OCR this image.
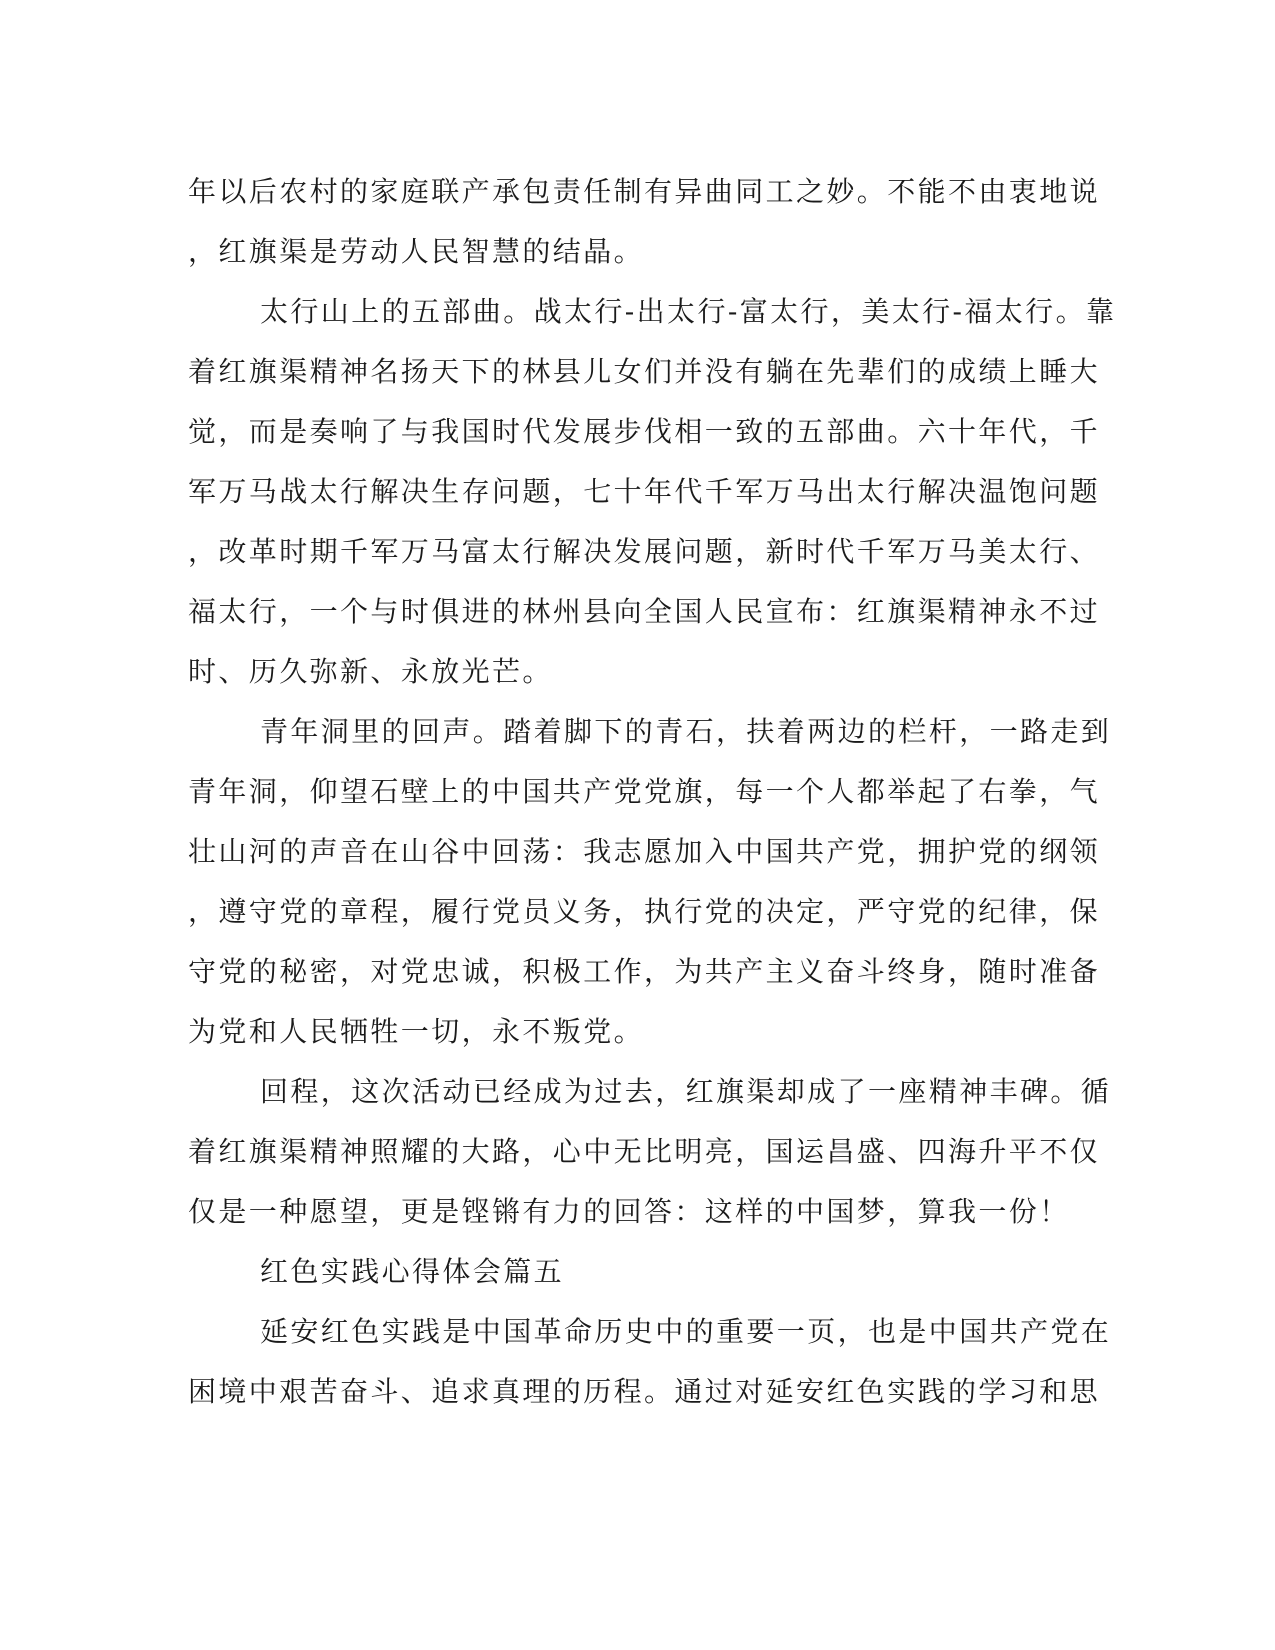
年以后农村的家庭联产承包责任制有异曲同工之妙。不能不由衷地说
，红旗渠是劳动人民智慧的结晶。
太行山上的五部曲。战太行-出太行-富太行，美太行-福太行。靠
着红旗渠精神名扬天下的林县儿女们并没有躺在先辈们的成绩上睡大
觉，而是奏响了与我国时代发展步伐相一致的五部曲。六十年代，千
军万马战太行解决生存问题，七十年代千军万马出太行解决温饱问题
，改革时期千军万马富太行解决发展问题，新时代千军万马美太行、
福太行，一个与时俱进的林州县向全国人民宣布：红旗渠精神永不过
时、历久弥新、永放光芒。
青年洞里的回声。踏着脚下的青石，扶着两边的栏杆，一路走到
青年洞，仰望石壁上的中国共产党党旗，每一个人都举起了右拳，气
壮山河的声音在山谷中回荡：我志愿加入中国共产党，拥护党的纲领
，遵守党的章程，履行党员义务，执行党的决定，严守党的纪律，保
守党的秘密，对党忠诚，积极工作，为共产主义奋斗终身，随时准备
为党和人民牺牲一切，永不叛党。
回程，这次活动已经成为过去，红旗渠却成了一座精神丰碑。循
着红旗渠精神照耀的大路，心中无比明亮，国运昌盛、四海升平不仅
仅是一种愿望，更是铿锵有力的回答：这样的中国梦，算我一份！
红色实践心得体会篇五
延安红色实践是中国革命历史中的重要一页，也是中国共产党在
困境中艰苦奋斗、追求真理的历程。通过对延安红色实践的学习和思
